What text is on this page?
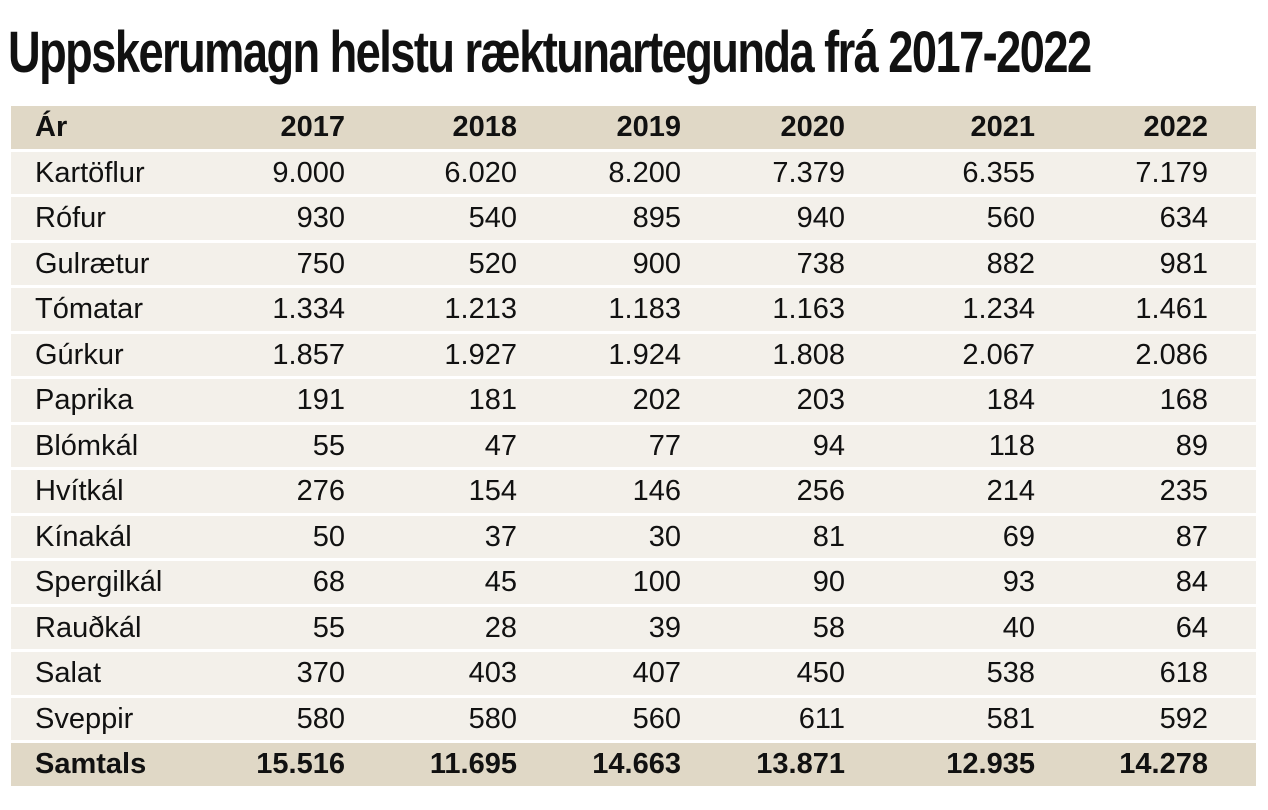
Uppskerumagn helstu ræktunartegunda frá 2017-2022
Ár	2017	2018	2019	2020	2021	2022	
Kartöflur	9.000	6.020	8.200	7.379	6.355	7.179	
Rófur	930	540	895	940	560	634	
Gulrætur	750	520	900	738	882	981	
Tómatar	1.334	1.213	1.183	1.163	1.234	1.461	
Gúrkur	1.857	1.927	1.924	1.808	2.067	2.086	
Paprika	191	181	202	203	184	168	
Blómkál	55	47	77	94	118	89	
Hvítkál	276	154	146	256	214	235	
Kínakál	50	37	30	81	69	87	
Spergilkál	68	45	100	90	93	84	
Rauðkál	55	28	39	58	40	64	
Salat	370	403	407	450	538	618	
Sveppir	580	580	560	611	581	592	
Samtals	15.516	11.695	14.663	13.871	12.935	14.278	
